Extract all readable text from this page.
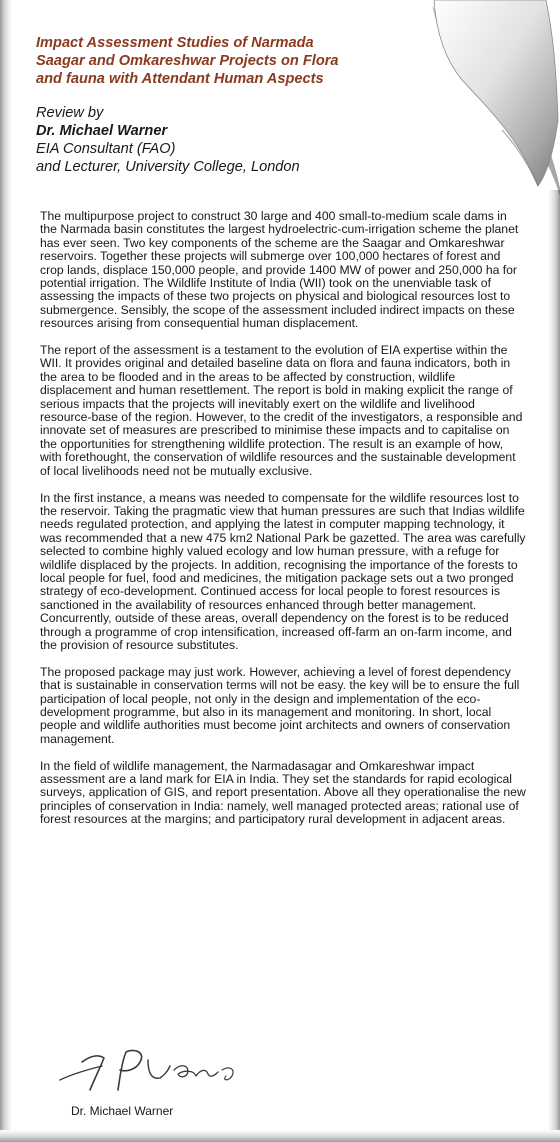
Impact Assessment Studies of Narmada
Saagar and Omkareshwar Projects on Flora
and fauna with Attendant Human Aspects
Review by
Dr. Michael Warner
EIA Consultant (FAO)
and Lecturer, University College, London

The multipurpose project to construct 30 large and 400 small-to-medium scale dams in the Narmada basin constitutes the largest hydroelectric-cum-irrigation scheme the planet has ever seen. Two key components of the scheme are the Saagar and Omkareshwar reservoirs. Together these projects will submerge over 100,000 hectares of forest and crop lands, displace 150,000 people, and provide 1400 MW of power and 250,000 ha for potential irrigation. The Wildlife Institute of India (WII) took on the unenviable task of assessing the impacts of these two projects on physical and biological resources lost to submergence. Sensibly, the scope of the assessment included indirect impacts on these resources arising from consequential human displacement.

The report of the assessment is a testament to the evolution of EIA expertise within the WII. It provides original and detailed baseline data on flora and fauna indicators, both in the area to be flooded and in the areas to be affected by construction, wildlife displacement and human resettlement. The report is bold in making explicit the range of serious impacts that the projects will inevitably exert on the wildlife and livelihood resource-base of the region. However, to the credit of the investigators, a responsible and innovate set of measures are prescribed to minimise these impacts and to capitalise on the opportunities for strengthening wildlife protection. The result is an example of how, with forethought, the conservation of wildlife resources and the sustainable development of local livelihoods need not be mutually exclusive.

In the first instance, a means was needed to compensate for the wildlife resources lost to the reservoir. Taking the pragmatic view that human pressures are such that Indias wildlife needs regulated protection, and applying the latest in computer mapping technology, it was recommended that a new 475 km2 National Park be gazetted. The area was carefully selected to combine highly valued ecology and low human pressure, with a refuge for wildlife displaced by the projects. In addition, recognising the importance of the forests to local people for fuel, food and medicines, the mitigation package sets out a two pronged strategy of eco-development. Continued access for local people to forest resources is sanctioned in the availability of resources enhanced through better management. Concurrently, outside of these areas, overall dependency on the forest is to be reduced through a programme of crop intensification, increased off-farm an on-farm income, and the provision of resource substitutes.

The proposed package may just work. However, achieving a level of forest dependency that is sustainable in conservation terms will not be easy. the key will be to ensure the full participation of local people, not only in the design and implementation of the eco-development programme, but also in its management and monitoring. In short, local people and wildlife authorities must become joint architects and owners of conservation management.

In the field of wildlife management, the Narmadasagar and Omkareshwar impact assessment are a land mark for EIA in India. They set the standards for rapid ecological surveys, application of GIS, and report presentation. Above all they operationalise the new principles of conservation in India: namely, well managed protected areas; rational use of forest resources at the margins; and participatory rural development in adjacent areas.

Dr. Michael Warner
